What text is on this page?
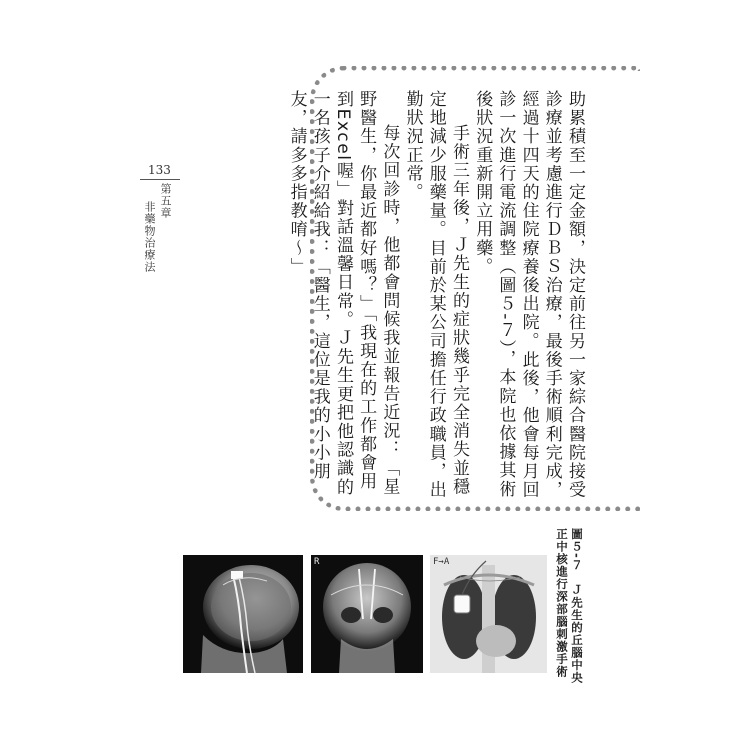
133
第五章
非藥物治療法	助累積至一定金額，決定前往另一家綜合醫院接受診療並考慮進行ＤＢＳ治療，最後手術順利完成，經過十四天的住院療養後出院。此後，他會每月回診一次進行電流調整（圖５-７），本院也依據其術後狀況重新開立用藥。

手術三年後，Ｊ先生的症狀幾乎完全消失並穩定地減少服藥量。目前於某公司擔任行政職員，出勤狀況正常。

每次回診時，他都會問候我並報告近況：「星野醫生，你最近都好嗎？」「我現在的工作都會用到Excel喔」對話溫馨日常。Ｊ先生更把他認識的一名孩子介紹給我：「醫生，這位是我的小小朋友，請多多指教唷～」

R	F→A	圖５-７　Ｊ先生的丘腦中央正中核進行深部腦刺激手術
